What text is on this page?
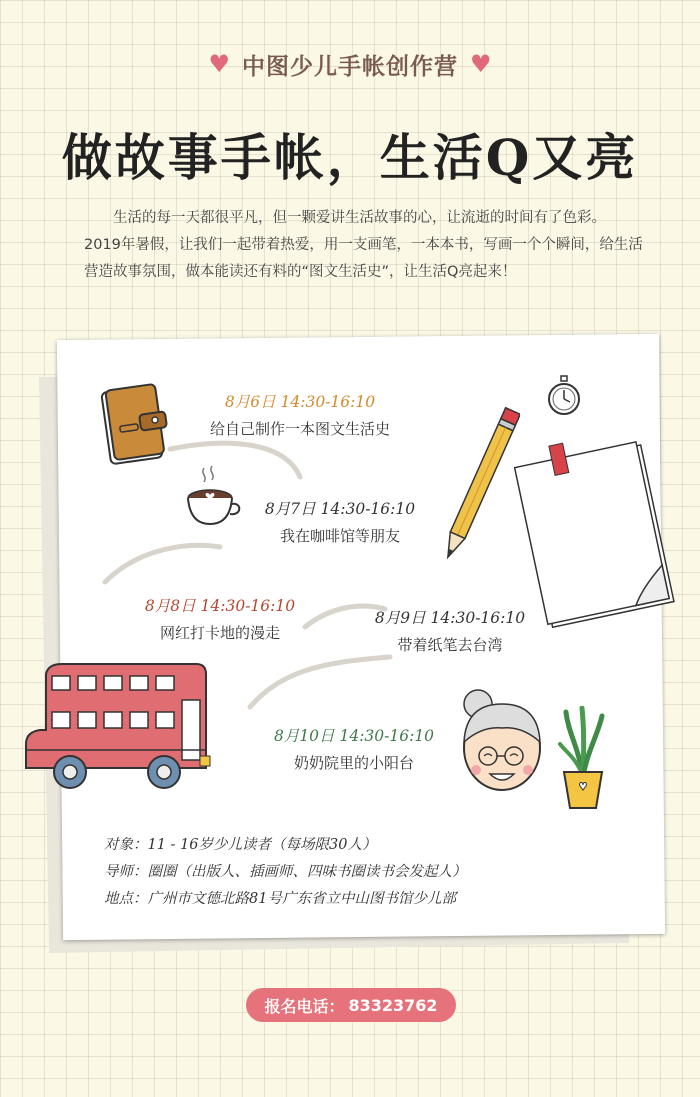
♥ 中图少儿手帐创作营 ♥
做故事手帐，生活Q又亮

生活的每一天都很平凡，但一颗爱讲生活故事的心，让流逝的时间有了色彩。

2019年暑假，让我们一起带着热爱，用一支画笔，一本本书，写画一个个瞬间，给生活营造故事氛围，做本能读还有料的“图文生活史”，让生活Q亮起来！

8月6日 14:30-16:10
给自己制作一本图文生活史
8月7日 14:30-16:10
我在咖啡馆等朋友
8月8日 14:30-16:10
网红打卡地的漫走
8月9日 14:30-16:10
带着纸笔去台湾
8月10日 14:30-16:10
奶奶院里的小阳台
对象：11 - 16岁少儿读者（每场限30人）
导师：圈圈（出版人、插画师、四味书圈读书会发起人）
地点：广州市文德北路81号广东省立中山图书馆少儿部
报名电话： 83323762
